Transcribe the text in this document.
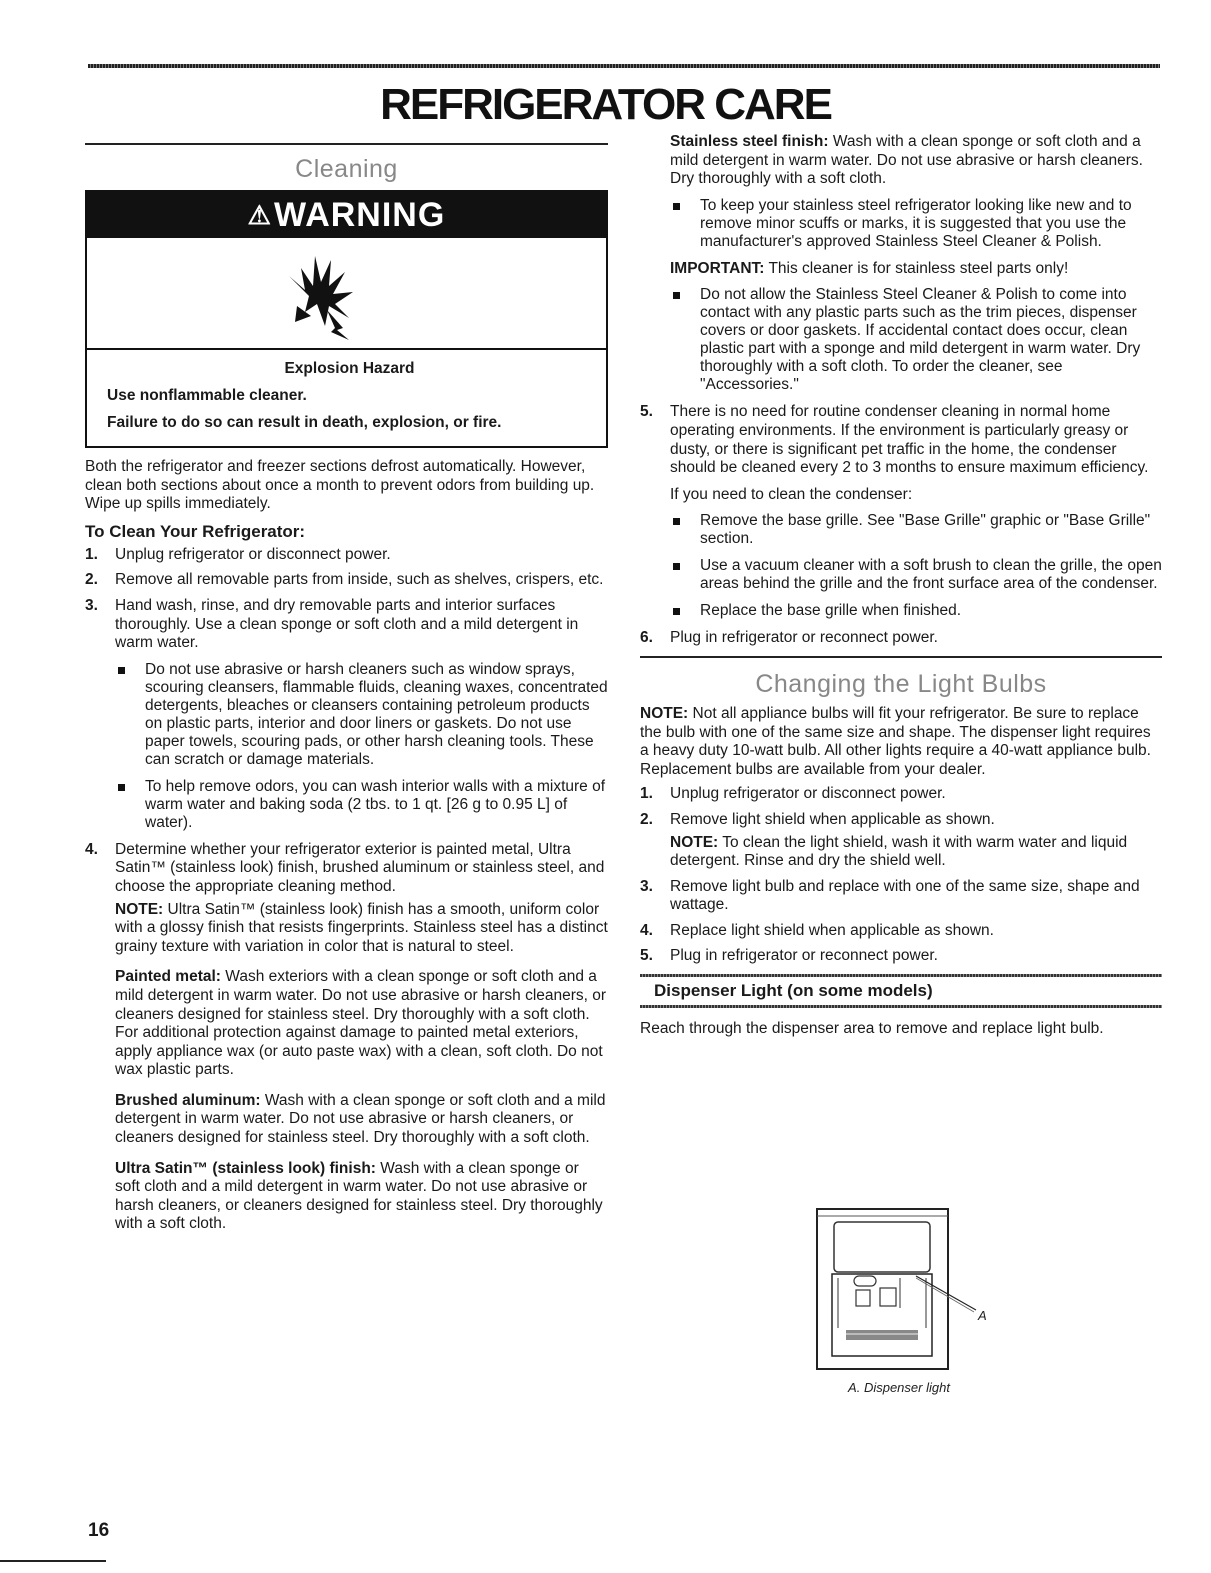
REFRIGERATOR CARE
Cleaning
⚠WARNING

Explosion Hazard

Use nonflammable cleaner.

Failure to do so can result in death, explosion, or fire.

Both the refrigerator and freezer sections defrost automatically. However, clean both sections about once a month to prevent odors from building up. Wipe up spills immediately.

To Clean Your Refrigerator:
1. Unplug refrigerator or disconnect power.
2. Remove all removable parts from inside, such as shelves, crispers, etc.
3. Hand wash, rinse, and dry removable parts and interior surfaces thoroughly. Use a clean sponge or soft cloth and a mild detergent in warm water.
Do not use abrasive or harsh cleaners such as window sprays, scouring cleansers, flammable fluids, cleaning waxes, concentrated detergents, bleaches or cleansers containing petroleum products on plastic parts, interior and door liners or gaskets. Do not use paper towels, scouring pads, or other harsh cleaning tools. These can scratch or damage materials.
To help remove odors, you can wash interior walls with a mixture of warm water and baking soda (2 tbs. to 1 qt. [26 g to 0.95 L] of water).
4. Determine whether your refrigerator exterior is painted metal, Ultra Satin™ (stainless look) finish, brushed aluminum or stainless steel, and choose the appropriate cleaning method.

NOTE: Ultra Satin™ (stainless look) finish has a smooth, uniform color with a glossy finish that resists fingerprints. Stainless steel has a distinct grainy texture with variation in color that is natural to steel.

Painted metal: Wash exteriors with a clean sponge or soft cloth and a mild detergent in warm water. Do not use abrasive or harsh cleaners, or cleaners designed for stainless steel. Dry thoroughly with a soft cloth. For additional protection against damage to painted metal exteriors, apply appliance wax (or auto paste wax) with a clean, soft cloth. Do not wax plastic parts.

Brushed aluminum: Wash with a clean sponge or soft cloth and a mild detergent in warm water. Do not use abrasive or harsh cleaners, or cleaners designed for stainless steel. Dry thoroughly with a soft cloth.

Ultra Satin™ (stainless look) finish: Wash with a clean sponge or soft cloth and a mild detergent in warm water. Do not use abrasive or harsh cleaners, or cleaners designed for stainless steel. Dry thoroughly with a soft cloth.

Stainless steel finish: Wash with a clean sponge or soft cloth and a mild detergent in warm water. Do not use abrasive or harsh cleaners. Dry thoroughly with a soft cloth.

To keep your stainless steel refrigerator looking like new and to remove minor scuffs or marks, it is suggested that you use the manufacturer's approved Stainless Steel Cleaner & Polish.

IMPORTANT: This cleaner is for stainless steel parts only!

Do not allow the Stainless Steel Cleaner & Polish to come into contact with any plastic parts such as the trim pieces, dispenser covers or door gaskets. If accidental contact does occur, clean plastic part with a sponge and mild detergent in warm water. Dry thoroughly with a soft cloth. To order the cleaner, see "Accessories."
5. There is no need for routine condenser cleaning in normal home operating environments. If the environment is particularly greasy or dusty, or there is significant pet traffic in the home, the condenser should be cleaned every 2 to 3 months to ensure maximum efficiency.

If you need to clean the condenser:

Remove the base grille. See "Base Grille" graphic or "Base Grille" section.
Use a vacuum cleaner with a soft brush to clean the grille, the open areas behind the grille and the front surface area of the condenser.
Replace the base grille when finished.
6. Plug in refrigerator or reconnect power.
Changing the Light Bulbs

NOTE: Not all appliance bulbs will fit your refrigerator. Be sure to replace the bulb with one of the same size and shape. The dispenser light requires a heavy duty 10-watt bulb. All other lights require a 40-watt appliance bulb. Replacement bulbs are available from your dealer.

1. Unplug refrigerator or disconnect power.
2. Remove light shield when applicable as shown.

NOTE: To clean the light shield, wash it with warm water and liquid detergent. Rinse and dry the shield well.

3. Remove light bulb and replace with one of the same size, shape and wattage.
4. Replace light shield when applicable as shown.
5. Plug in refrigerator or reconnect power.
Dispenser Light (on some models)

Reach through the dispenser area to remove and replace light bulb.

A
A. Dispenser light
16
